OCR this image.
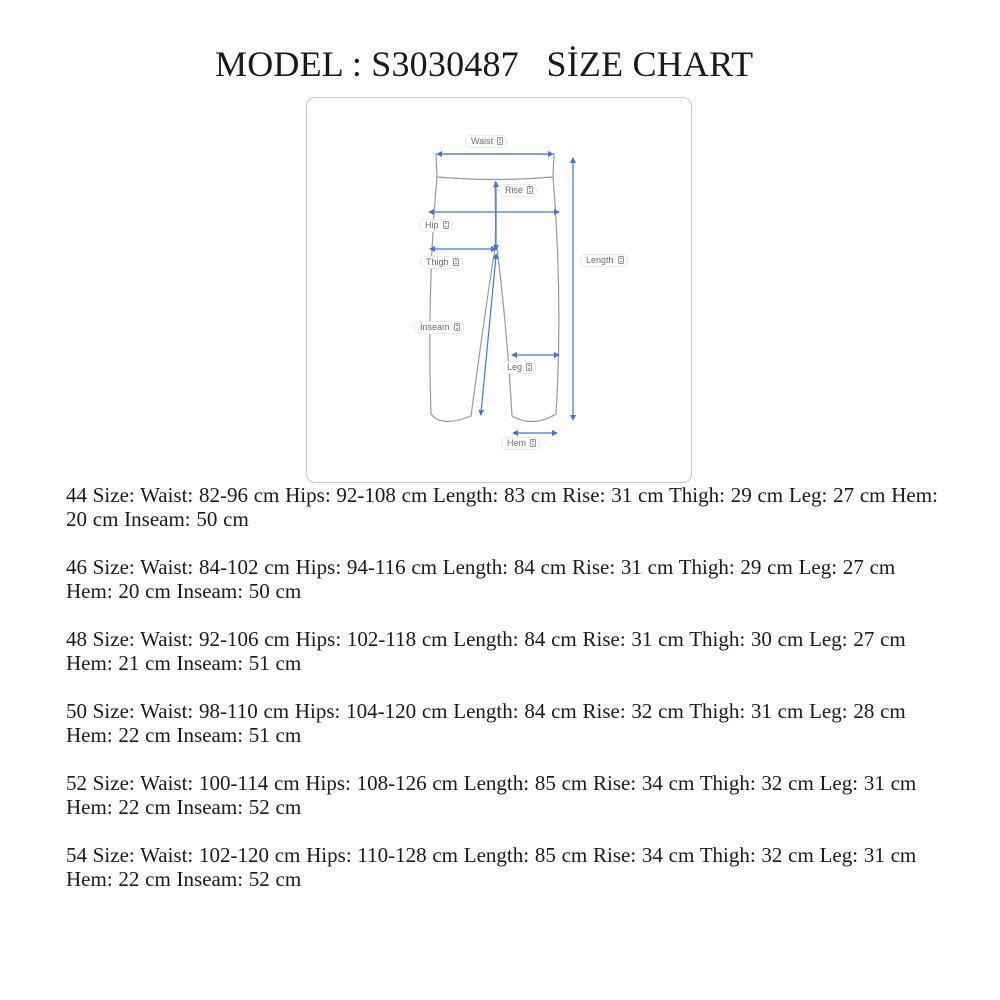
MODEL : S3030487   SİZE CHART
Waist
Rise
Hip
Thigh	Length
Inseam
Leg
Hem

44 Size: Waist: 82-96 cm Hips: 92-108 cm Length: 83 cm Rise: 31 cm Thigh: 29 cm Leg: 27 cm Hem: 20 cm Inseam: 50 cm

46 Size: Waist: 84-102 cm Hips: 94-116 cm Length: 84 cm Rise: 31 cm Thigh: 29 cm Leg: 27 cm Hem: 20 cm Inseam: 50 cm

48 Size: Waist: 92-106 cm Hips: 102-118 cm Length: 84 cm Rise: 31 cm Thigh: 30 cm Leg: 27 cm Hem: 21 cm Inseam: 51 cm

50 Size: Waist: 98-110 cm Hips: 104-120 cm Length: 84 cm Rise: 32 cm Thigh: 31 cm Leg: 28 cm Hem: 22 cm Inseam: 51 cm

52 Size: Waist: 100-114 cm Hips: 108-126 cm Length: 85 cm Rise: 34 cm Thigh: 32 cm Leg: 31 cm Hem: 22 cm Inseam: 52 cm

54 Size: Waist: 102-120 cm Hips: 110-128 cm Length: 85 cm Rise: 34 cm Thigh: 32 cm Leg: 31 cm Hem: 22 cm Inseam: 52 cm
